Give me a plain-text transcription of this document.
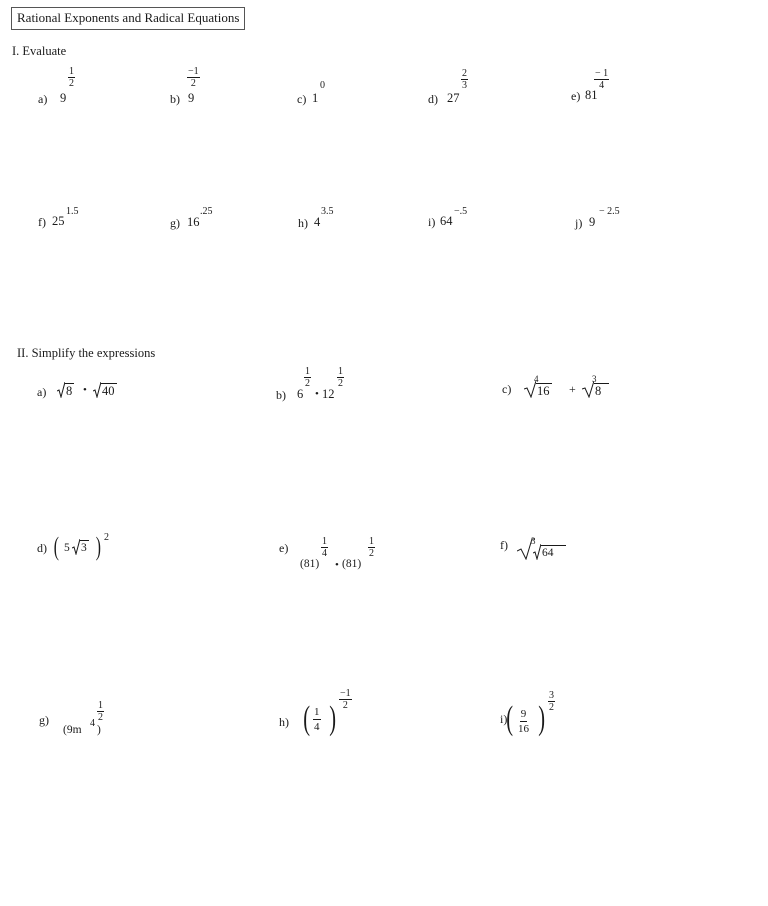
Rational Exponents and Radical Equations
I. Evaluate
a) 9
$\frac{1}{2}$
b) 9
$\frac{-1}{2}$
c) 1
0
d) 27
$\frac{2}{3}$
e) 81
$\frac{- 1}{4}$
f) 25
1.5
g) 16
.25
h) 4
3.5
i) 64
−.5
j) 9
− 2.5
II. Simplify the expressions
a) 8 • 40	b) 6
$\frac{1}{2}$
• 12
$\frac{1}{2}$	c)
4
16 +
3
8
d) ( 5 3 ) 2
e)
(81)
$\frac{1}{4}$
• (81)
$\frac{1}{2}$	f)	3
64
g)
(9m
4
)
$\frac{1}{2}$	h) ( $\frac{1}{4}$ )
$\frac{-1}{2}$
i)
( $\frac{9}{16}$ ) $\frac{3}{2}$
